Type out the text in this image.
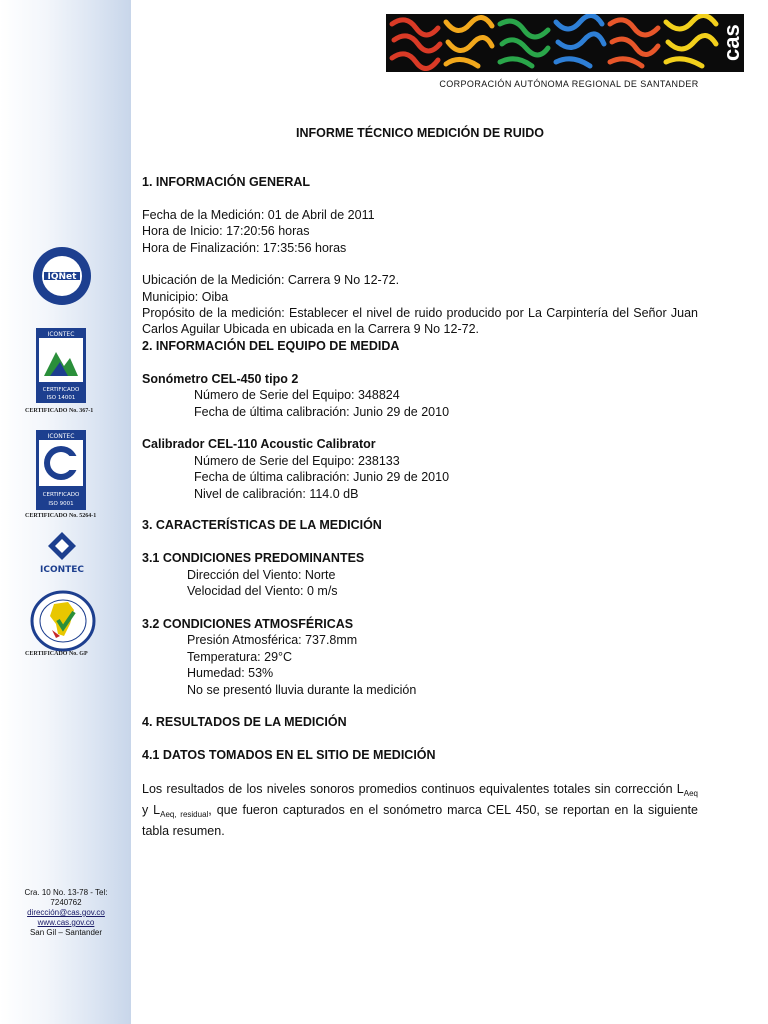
IQNet
ICONTEC
CERTIFICADO
ISO 14001
CERTIFICADO No. 367-1
ICONTEC
CERTIFICADO
ISO 9001
CERTIFICADO No. 5264-1
ICONTEC
CERTIFICADO No. GP
Cra. 10 No. 13-78 - Tel:
7240762
dirección@cas.gov.co
www.cas.gov.co
San Gil – Santander
cas
CORPORACIÓN AUTÓNOMA REGIONAL DE SANTANDER
INFORME TÉCNICO MEDICIÓN DE RUIDO
1. INFORMACIÓN GENERAL
Fecha de la Medición: 01 de Abril de 2011
Hora de Inicio: 17:20:56 horas
Hora de Finalización: 17:35:56 horas
Ubicación de la Medición: Carrera 9 No 12-72.
Municipio: Oiba
Propósito de la medición: Establecer el nivel de ruido producido por La Carpintería del Señor Juan Carlos Aguilar Ubicada en ubicada en la Carrera 9 No 12-72.
2. INFORMACIÓN DEL EQUIPO DE MEDIDA
Sonómetro CEL-450 tipo 2
Número de Serie del Equipo: 348824
Fecha de última calibración: Junio 29 de 2010
Calibrador CEL-110 Acoustic Calibrator
Número de Serie del Equipo: 238133
Fecha de última calibración: Junio 29 de 2010
Nivel de calibración: 114.0 dB
3. CARACTERÍSTICAS DE LA MEDICIÓN
3.1 CONDICIONES PREDOMINANTES
Dirección del Viento: Norte
Velocidad del Viento: 0 m/s
3.2 CONDICIONES ATMOSFÉRICAS
Presión Atmosférica: 737.8mm
Temperatura: 29°C
Humedad: 53%
No se presentó lluvia durante la medición
4. RESULTADOS DE LA MEDICIÓN
4.1 DATOS TOMADOS EN EL SITIO DE MEDICIÓN
Los resultados de los niveles sonoros promedios continuos equivalentes totales sin corrección $L_{Aeq}$ y $L_{Aeq, residual}$, que fueron capturados en el sonómetro marca CEL 450, se reportan en la siguiente tabla resumen.
